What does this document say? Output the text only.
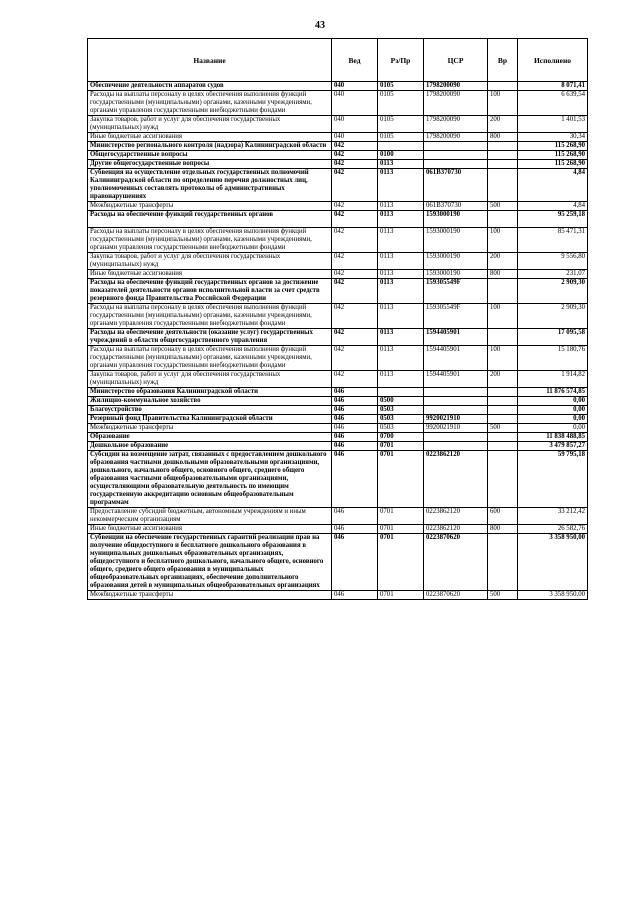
43
Название	Вед	Рз/Пр	ЦСР	Вр	Исполнено
Обеспечение деятельности аппаратов судов	040	0105	1798200090		8 071,41
Расходы на выплаты персоналу в целях обеспечения выполнения функций государственными (муниципальными) органами, казенными учреждениями, органами управления государственными внебюджетными фондами	040	0105	1798200090	100	6 639,54
Закупка товаров, работ и услуг для обеспечения государственных (муниципальных) нужд	040	0105	1798200090	200	1 401,53
Иные бюджетные ассигнования	040	0105	1798200090	800	30,34
Министерство регионального контроля (надзора) Калининградской области	042				115 268,90
Общегосударственные вопросы	042	0100			115 268,90
Другие общегосударственные вопросы	042	0113			115 268,90
Субвенция на осуществление отдельных государственных полномочий Калининградской области по определению перечня должностных лиц, уполномоченных составлять протоколы об административных правонарушениях	042	0113	061В370730		4,84
Межбюджетные трансферты	042	0113	061В370730	500	4,84
Расходы на обеспечение функций государственных органов	042	0113	1593000190		95 259,18
Расходы на выплаты персоналу в целях обеспечения выполнения функций государственными (муниципальными) органами, казенными учреждениями, органами управления государственными внебюджетными фондами	042	0113	1593000190	100	85 471,31
Закупка товаров, работ и услуг для обеспечения государственных (муниципальных) нужд	042	0113	1593000190	200	9 556,80
Иные бюджетные ассигнования	042	0113	1593000190	800	231,07
Расходы на обеспечение функций государственных органов за достижение показателей деятельности органов исполнительной власти за счет средств резервного фонда Правительства Российской Федерации	042	0113	159305549F		2 909,30
Расходы на выплаты персоналу в целях обеспечения выполнения функций государственными (муниципальными) органами, казенными учреждениями, органами управления государственными внебюджетными фондами	042	0113	159305549F	100	2 909,30
Расходы на обеспечение деятельности (оказание услуг) государственных учреждений в области общегосударственного управления	042	0113	1594405901		17 095,58
Расходы на выплаты персоналу в целях обеспечения выполнения функций государственными (муниципальными) органами, казенными учреждениями, органами управления государственными внебюджетными фондами	042	0113	1594405901	100	15 180,76
Закупка товаров, работ и услуг для обеспечения государственных (муниципальных) нужд	042	0113	1594405901	200	1 914,82
Министерство образования Калининградской области	046				11 876 574,85
Жилищно-коммунальное хозяйство	046	0500			0,00
Благоустройство	046	0503			0,00
Резервный фонд Правительства Калининградской области	046	0503	9920021910		0,00
Межбюджетные трансферты	046	0503	9920021910	500	0,00
Образование	046	0700			11 838 488,85
Дошкольное образование	046	0701			3 479 857,27
Субсидии на возмещение затрат, связанных с предоставлением дошкольного образования частными дошкольными образовательными организациями, дошкольного, начального общего, основного общего, среднего общего образования частными общеобразовательными организациями, осуществляющими образовательную деятельность по имеющим государственную аккредитацию основным общеобразовательным программам	046	0701	0223862120		59 795,18
Предоставление субсидий бюджетным, автономным учреждениям и иным некоммерческим организациям	046	0701	0223862120	600	33 212,42
Иные бюджетные ассигнования	046	0701	0223862120	800	26 582,76
Субвенции на обеспечение государственных гарантий реализации прав на получение общедоступного и бесплатного дошкольного образования в муниципальных дошкольных образовательных организациях, общедоступного и бесплатного дошкольного, начального общего, основного общего, среднего общего образования в муниципальных общеобразовательных организациях, обеспечение дополнительного образования детей в муниципальных общеобразовательных организациях	046	0701	0223870620		3 358 950,00
Межбюджетные трансферты	046	0701	0223870620	500	3 358 950,00
